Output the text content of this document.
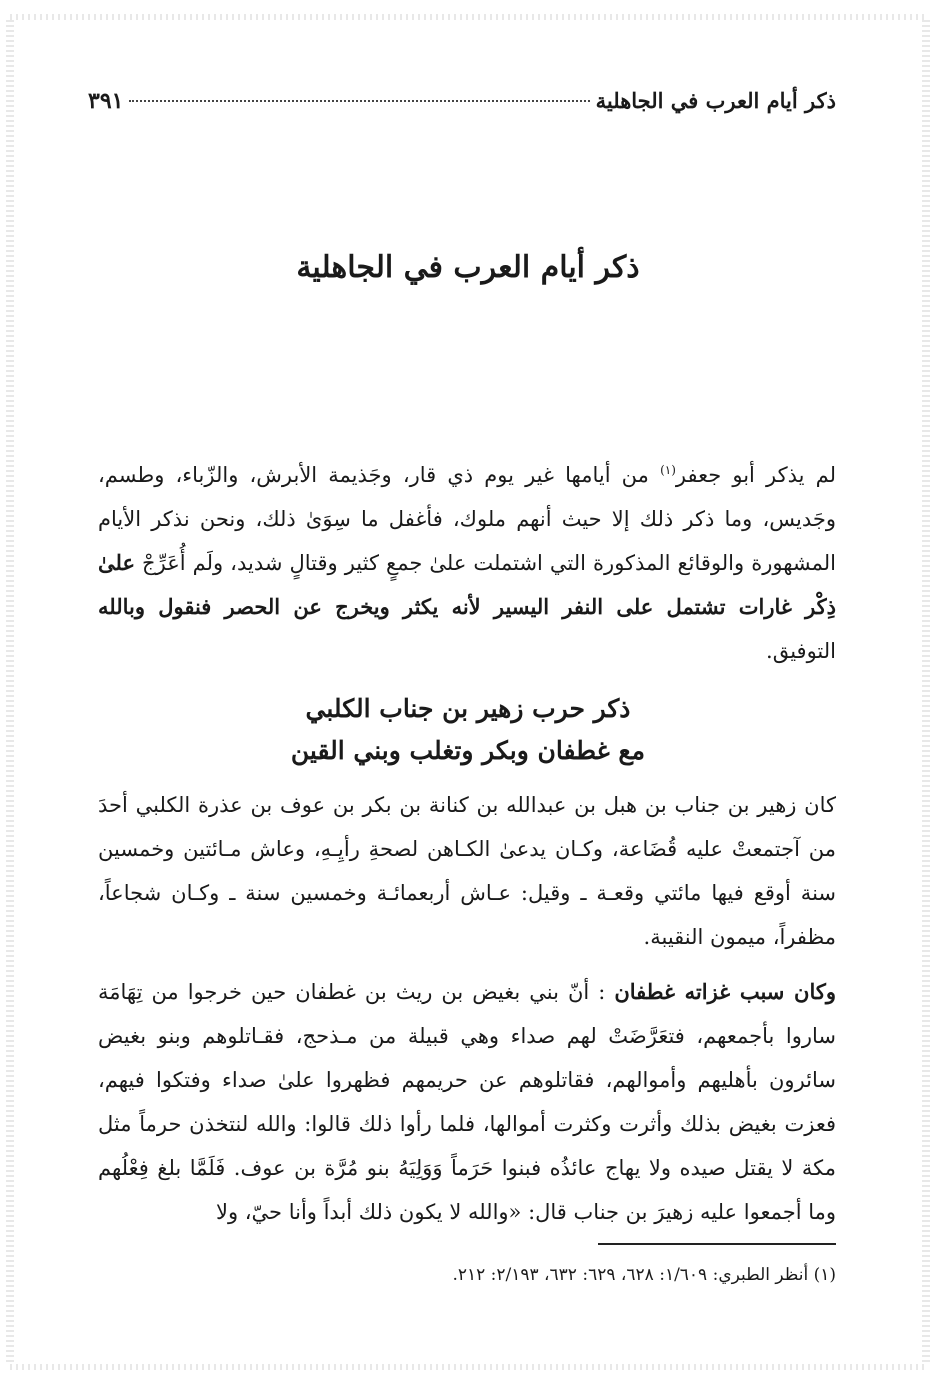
ذكر أيام العرب في الجاهلية
٣٩١
ذكر أيام العرب في الجاهلية
لم يذكر أبو جعفر$^{(١)}$ من أيامها غير يوم ذي قار، وجَذيمة الأبرش، والزّباء، وطسم، وجَديس، وما ذكر ذلك إلا حيث أنهم ملوك، فأغفل ما سِوَىٰ ذلك، ونحن نذكر الأيام المشهورة والوقائع المذكورة التي اشتملت علىٰ جمعٍ كثير وقتالٍ شديد، ولَم أُعَرِّجْ علىٰ ذِكْر غارات تشتمل على النفر اليسير لأنه يكثر ويخرج عن الحصر فنقول وبالله التوفيق.
ذكر حرب زهير بن جناب الكلبي
مع غطفان وبكر وتغلب وبني القين
كان زهير بن جناب بن هبل بن عبدالله بن كنانة بن بكر بن عوف بن عذرة الكلبي أحدَ من آجتمعتْ عليه قُضَاعة، وكـان يدعىٰ الكـاهن لصحةِ رأيِـهِ، وعاش مـائتين وخمسين سنة أوقع فيها مائتي وقعـة ـ وقيل: عـاش أربعمائـة وخمسين سنة ـ وكـان شجاعاً، مظفراً، ميمون النقيبة.
وكان سبب غزاته غطفان : أنّ بني بغيض بن ريث بن غطفان حين خرجوا من تِهَامَة ساروا بأجمعهم، فتعَرَّضَتْ لهم صداء وهي قبيلة من مـذحج، فقـاتلوهم وبنو بغيض سائرون بأهليهم وأموالهم، فقاتلوهم عن حريمهم فظهروا علىٰ صداء وفتكوا فيهم، فعزت بغيض بذلك وأثرت وكثرت أموالها، فلما رأوا ذلك قالوا: والله لنتخذن حرماً مثل مكة لا يقتل صيده ولا يهاج عائذُه فبنوا حَرَماً وَوَلِيَهُ بنو مُرَّة بن عوف. فَلَمَّا بلغ فِعْلُهم وما أجمعوا عليه زهيرَ بن جناب قال: «والله لا يكون ذلك أبداً وأنا حيّ، ولا
(١) أنظر الطبري: ١/٦٠٩: ٦٢٨، ٦٢٩: ٦٣٢، ٢/١٩٣: ٢١٢.
